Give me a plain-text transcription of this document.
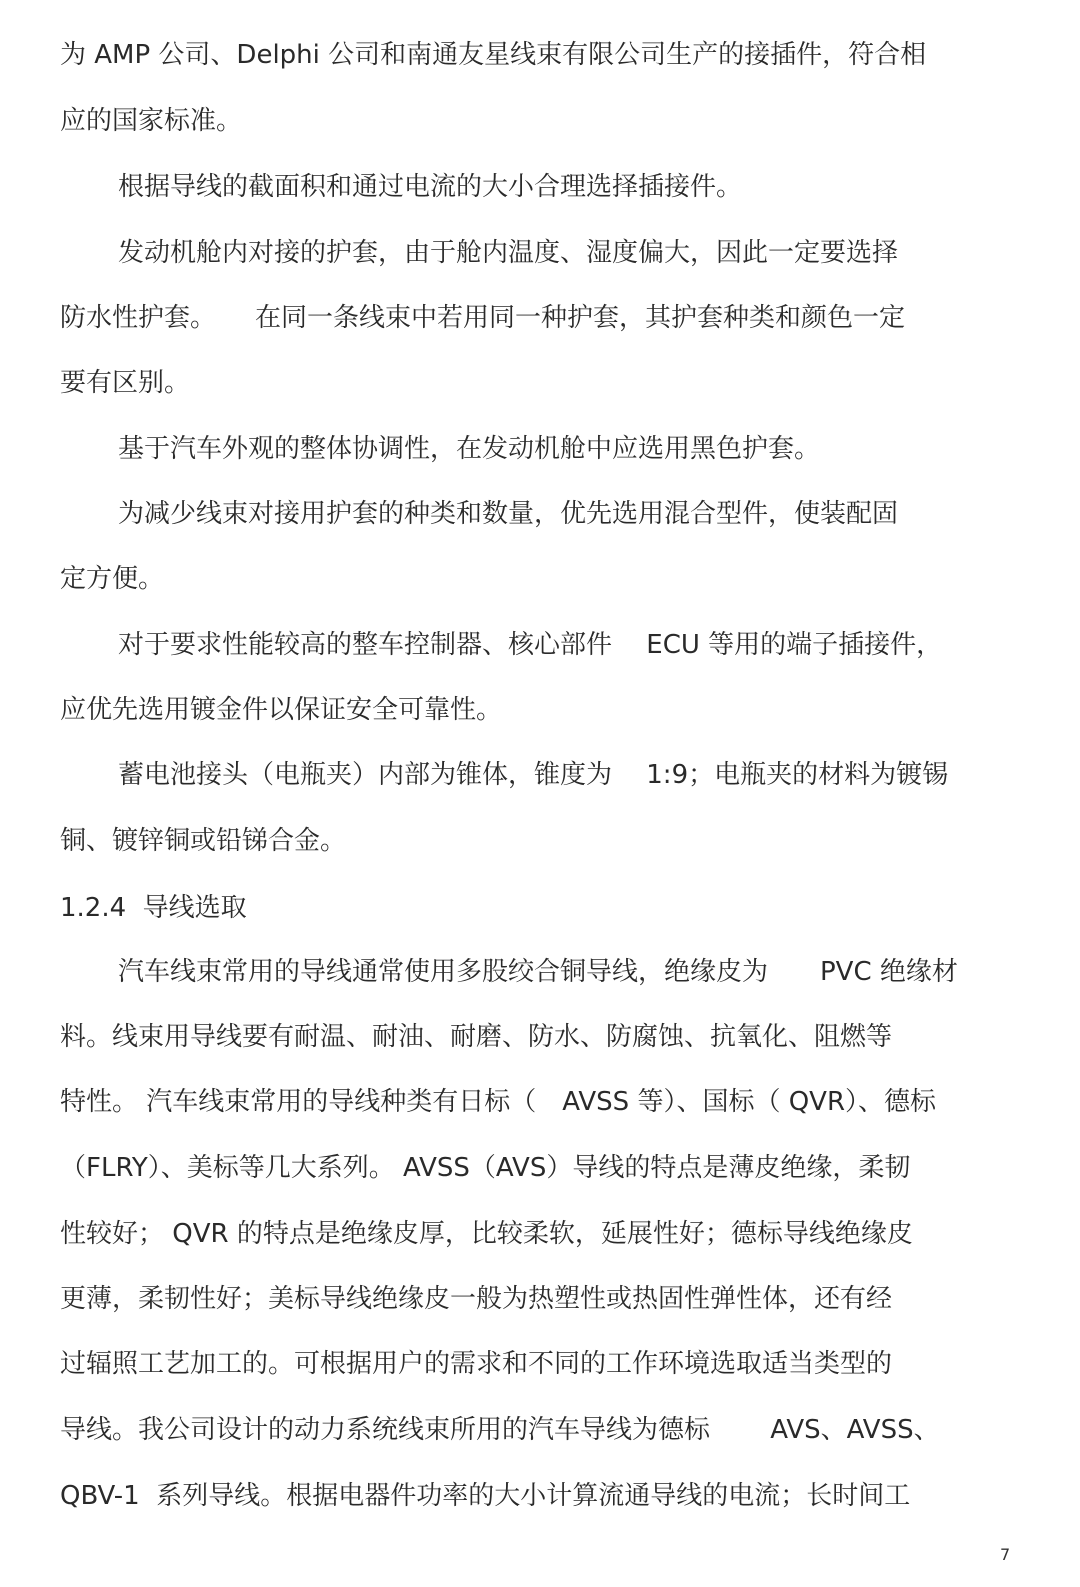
为 AMP 公司、Delphi 公司和南通友星线束有限公司生产的接插件，符合相
应的国家标准。
根据导线的截面积和通过电流的大小合理选择插接件。
发动机舱内对接的护套，由于舱内温度、湿度偏大，因此一定要选择
防水性护套。　　在同一条线束中若用同一种护套，其护套种类和颜色一定
要有区别。
基于汽车外观的整体协调性，在发动机舱中应选用黑色护套。
为减少线束对接用护套的种类和数量，优先选用混合型件，使装配固
定方便。
对于要求性能较高的整车控制器、核心部件　 ECU 等用的端子插接件，
应优先选用镀金件以保证安全可靠性。
蓄电池接头（电瓶夹）内部为锥体，锥度为　 1:9；电瓶夹的材料为镀锡
铜、镀锌铜或铅锑合金。
1.2.4  导线选取
汽车线束常用的导线通常使用多股绞合铜导线，绝缘皮为　　PVC 绝缘材
料。线束用导线要有耐温、耐油、耐磨、防水、防腐蚀、抗氧化、阻燃等
特性。 汽车线束常用的导线种类有日标（　AVSS 等）、国标（ QVR）、德标
（FLRY）、美标等几大系列。 AVSS（AVS）导线的特点是薄皮绝缘，柔韧
性较好； QVR 的特点是绝缘皮厚，比较柔软，延展性好；德标导线绝缘皮
更薄，柔韧性好；美标导线绝缘皮一般为热塑性或热固性弹性体，还有经
过辐照工艺加工的。可根据用户的需求和不同的工作环境选取适当类型的
导线。我公司设计的动力系统线束所用的汽车导线为德标　　 AVS、AVSS、
QBV-1  系列导线。根据电器件功率的大小计算流通导线的电流；长时间工
7
